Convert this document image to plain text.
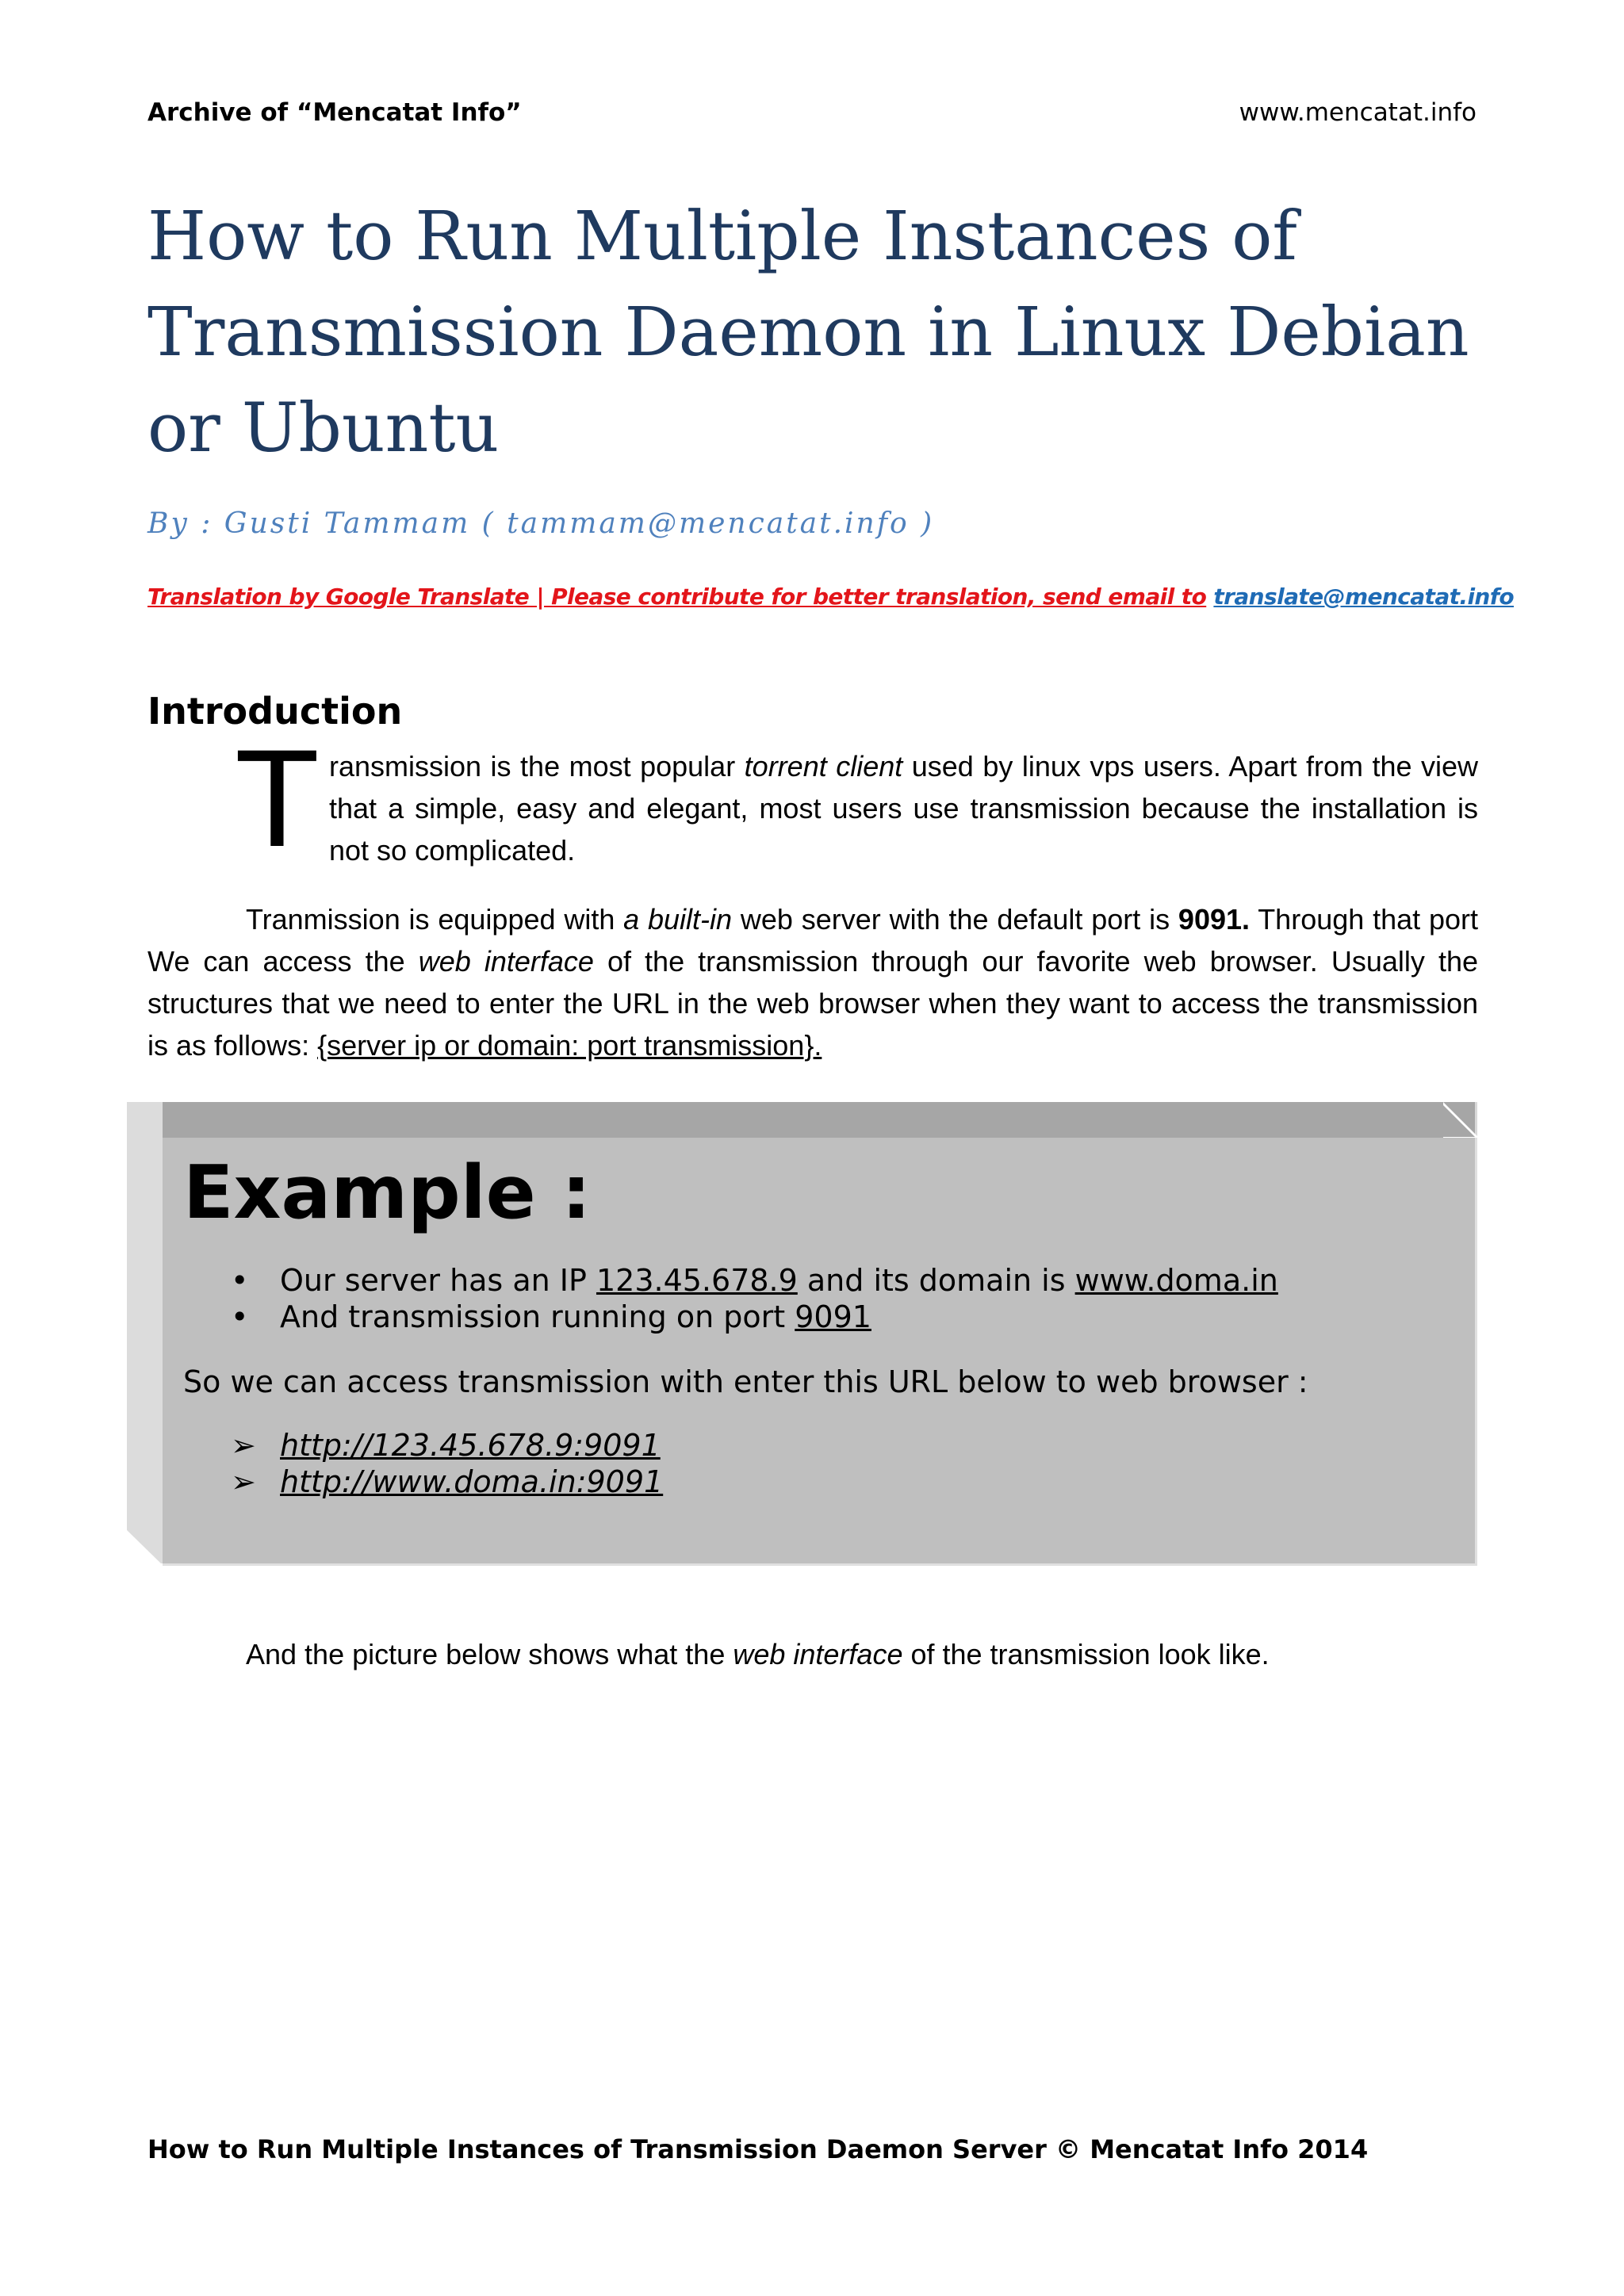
Archive of “Mencatat Info”	www.mencatat.info
How to Run Multiple Instances of Transmission Daemon in Linux Debian or Ubuntu
By : Gusti Tammam ( tammam@mencatat.info )
Translation by Google Translate | Please contribute for better translation, send email to translate@mencatat.info
Introduction
T ransmission is the most popular torrent client used by linux vps users. Apart from the view that a simple, easy and elegant, most users use transmission because the installation is not so complicated.

Tranmission is equipped with a built-in web server with the default port is 9091. Through that port We can access the web interface of the transmission through our favorite web browser. Usually the structures that we need to enter the URL in the web browser when they want to access the transmission is as follows: {server ip or domain: port transmission}.

Example :
• Our server has an IP 123.45.678.9 and its domain is www.doma.in
• And transmission running on port 9091

So we can access transmission with enter this URL below to web browser :

➢ http://123.45.678.9:9091
➢ http://www.doma.in:9091

And the picture below shows what the web interface of the transmission look like.

How to Run Multiple Instances of Transmission Daemon Server © Mencatat Info 2014
